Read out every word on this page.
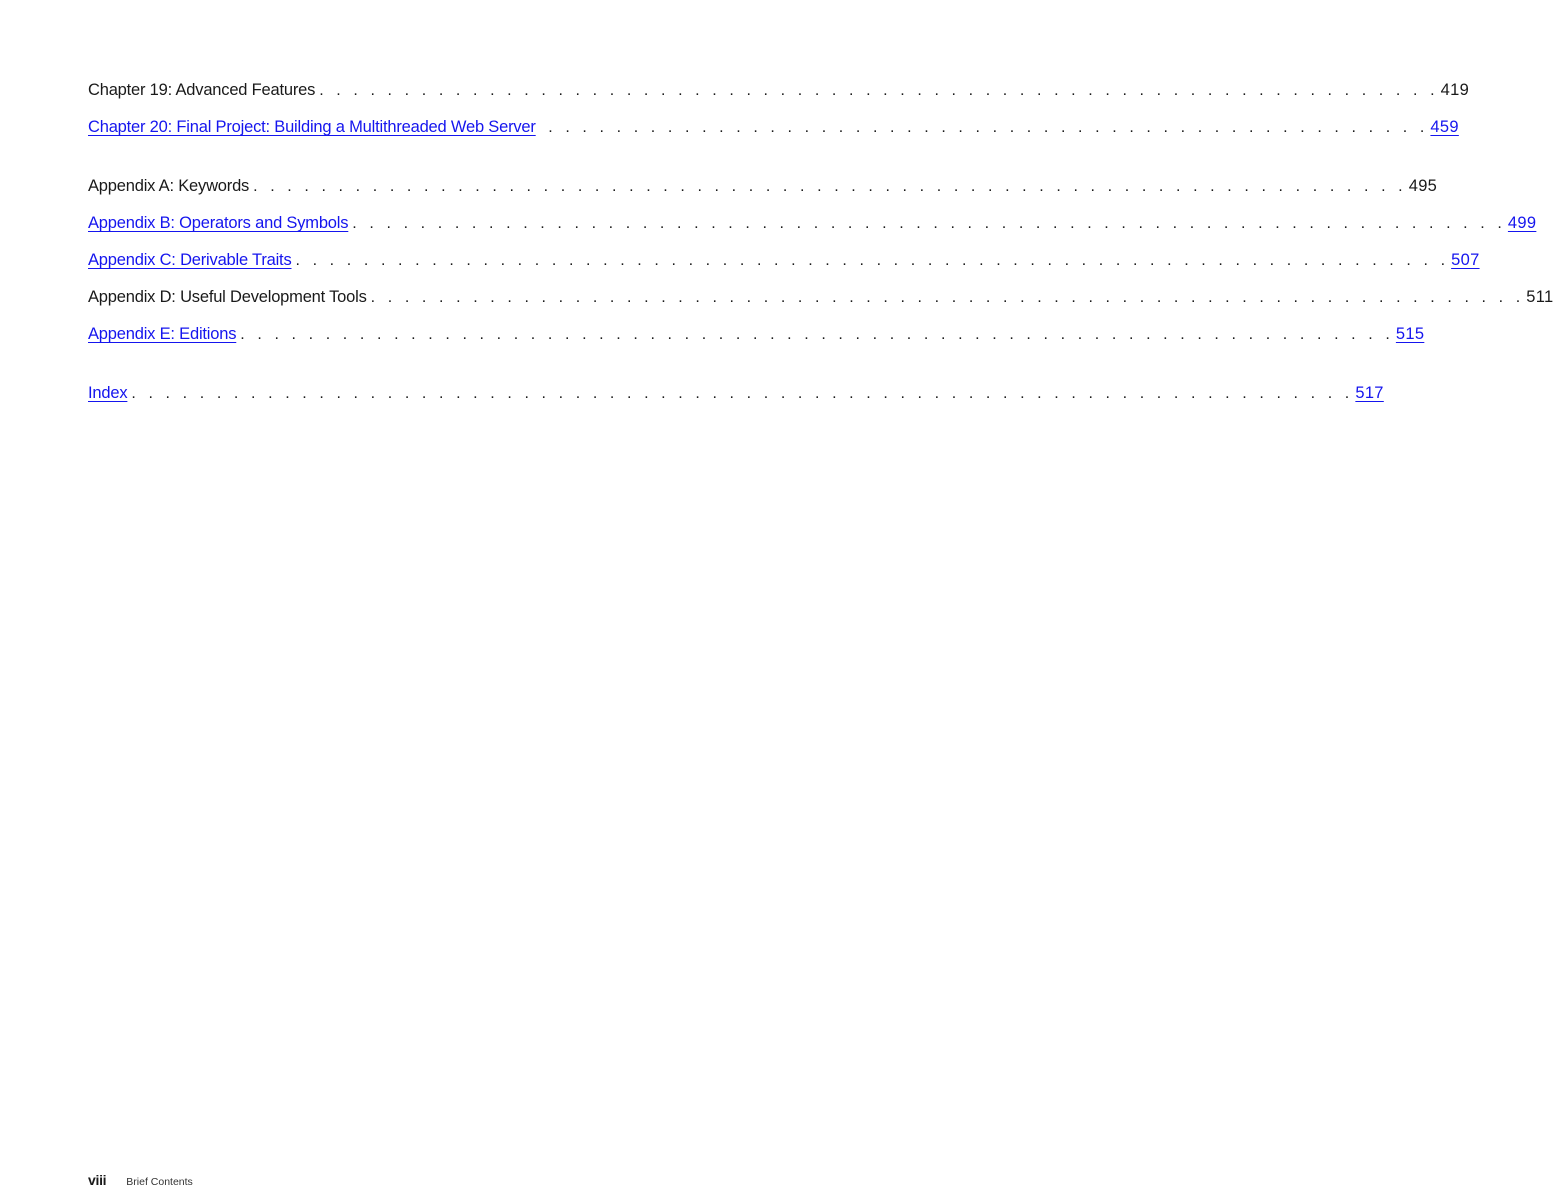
Chapter 19: Advanced Features . . . . . . . . . . . . . . . . . . . . . . . . . . . . . . . . . . . . . . . . . . . . . . . . . . . . . . . . . . . . . . . . . . 419
Chapter 20: Final Project: Building a Multithreaded Web Server . . . . . . . . . . . . . . . . . . . . . . . . . . . . . . . . . . . . . . . . . . . . . . . . . . . . 459
Appendix A: Keywords . . . . . . . . . . . . . . . . . . . . . . . . . . . . . . . . . . . . . . . . . . . . . . . . . . . . . . . . . . . . . . . . . . . . 495
Appendix B: Operators and Symbols . . . . . . . . . . . . . . . . . . . . . . . . . . . . . . . . . . . . . . . . . . . . . . . . . . . . . . . . . . . . . . . . . . . . 499
Appendix C: Derivable Traits . . . . . . . . . . . . . . . . . . . . . . . . . . . . . . . . . . . . . . . . . . . . . . . . . . . . . . . . . . . . . . . . . . . . 507
Appendix D: Useful Development Tools . . . . . . . . . . . . . . . . . . . . . . . . . . . . . . . . . . . . . . . . . . . . . . . . . . . . . . . . . . . . . . . . . . . . 511
Appendix E: Editions . . . . . . . . . . . . . . . . . . . . . . . . . . . . . . . . . . . . . . . . . . . . . . . . . . . . . . . . . . . . . . . . . . . . 515
Index . . . . . . . . . . . . . . . . . . . . . . . . . . . . . . . . . . . . . . . . . . . . . . . . . . . . . . . . . . . . . . . . . . . . . . . . 517
viii Brief Contents
